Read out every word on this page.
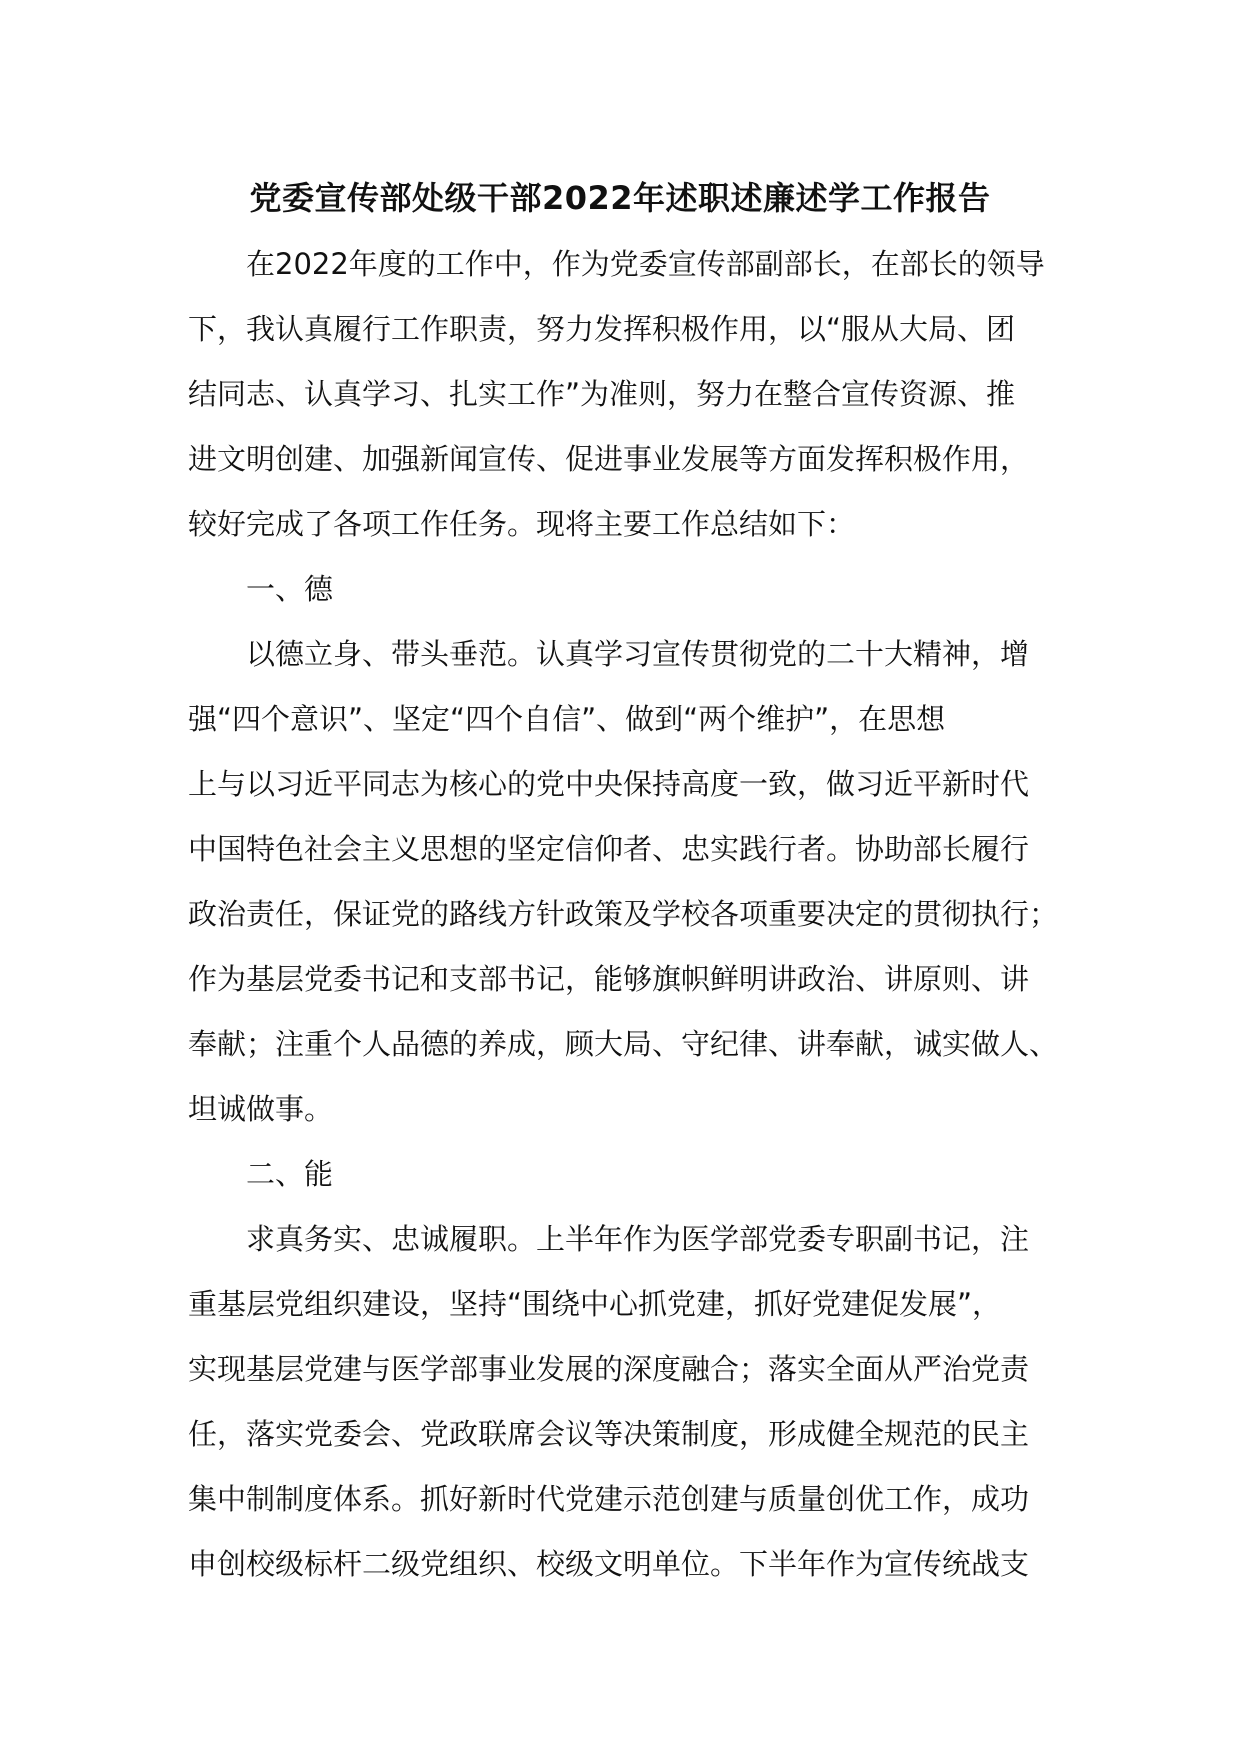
党委宣传部处级干部2022年述职述廉述学工作报告

在2022年度的工作中，作为党委宣传部副部长，在部长的领导

下，我认真履行工作职责，努力发挥积极作用，以“服从大局、团

结同志、认真学习、扎实工作”为准则，努力在整合宣传资源、推

进文明创建、加强新闻宣传、促进事业发展等方面发挥积极作用，

较好完成了各项工作任务。现将主要工作总结如下：

一、德

以德立身、带头垂范。认真学习宣传贯彻党的二十大精神，增

强“四个意识”、坚定“四个自信”、做到“两个维护”，在思想

上与以习近平同志为核心的党中央保持高度一致，做习近平新时代

中国特色社会主义思想的坚定信仰者、忠实践行者。协助部长履行

政治责任，保证党的路线方针政策及学校各项重要决定的贯彻执行；

作为基层党委书记和支部书记，能够旗帜鲜明讲政治、讲原则、讲

奉献；注重个人品德的养成，顾大局、守纪律、讲奉献，诚实做人、

坦诚做事。

二、能

求真务实、忠诚履职。上半年作为医学部党委专职副书记，注

重基层党组织建设，坚持“围绕中心抓党建，抓好党建促发展”，

实现基层党建与医学部事业发展的深度融合；落实全面从严治党责

任，落实党委会、党政联席会议等决策制度，形成健全规范的民主

集中制制度体系。抓好新时代党建示范创建与质量创优工作，成功

申创校级标杆二级党组织、校级文明单位。下半年作为宣传统战支
